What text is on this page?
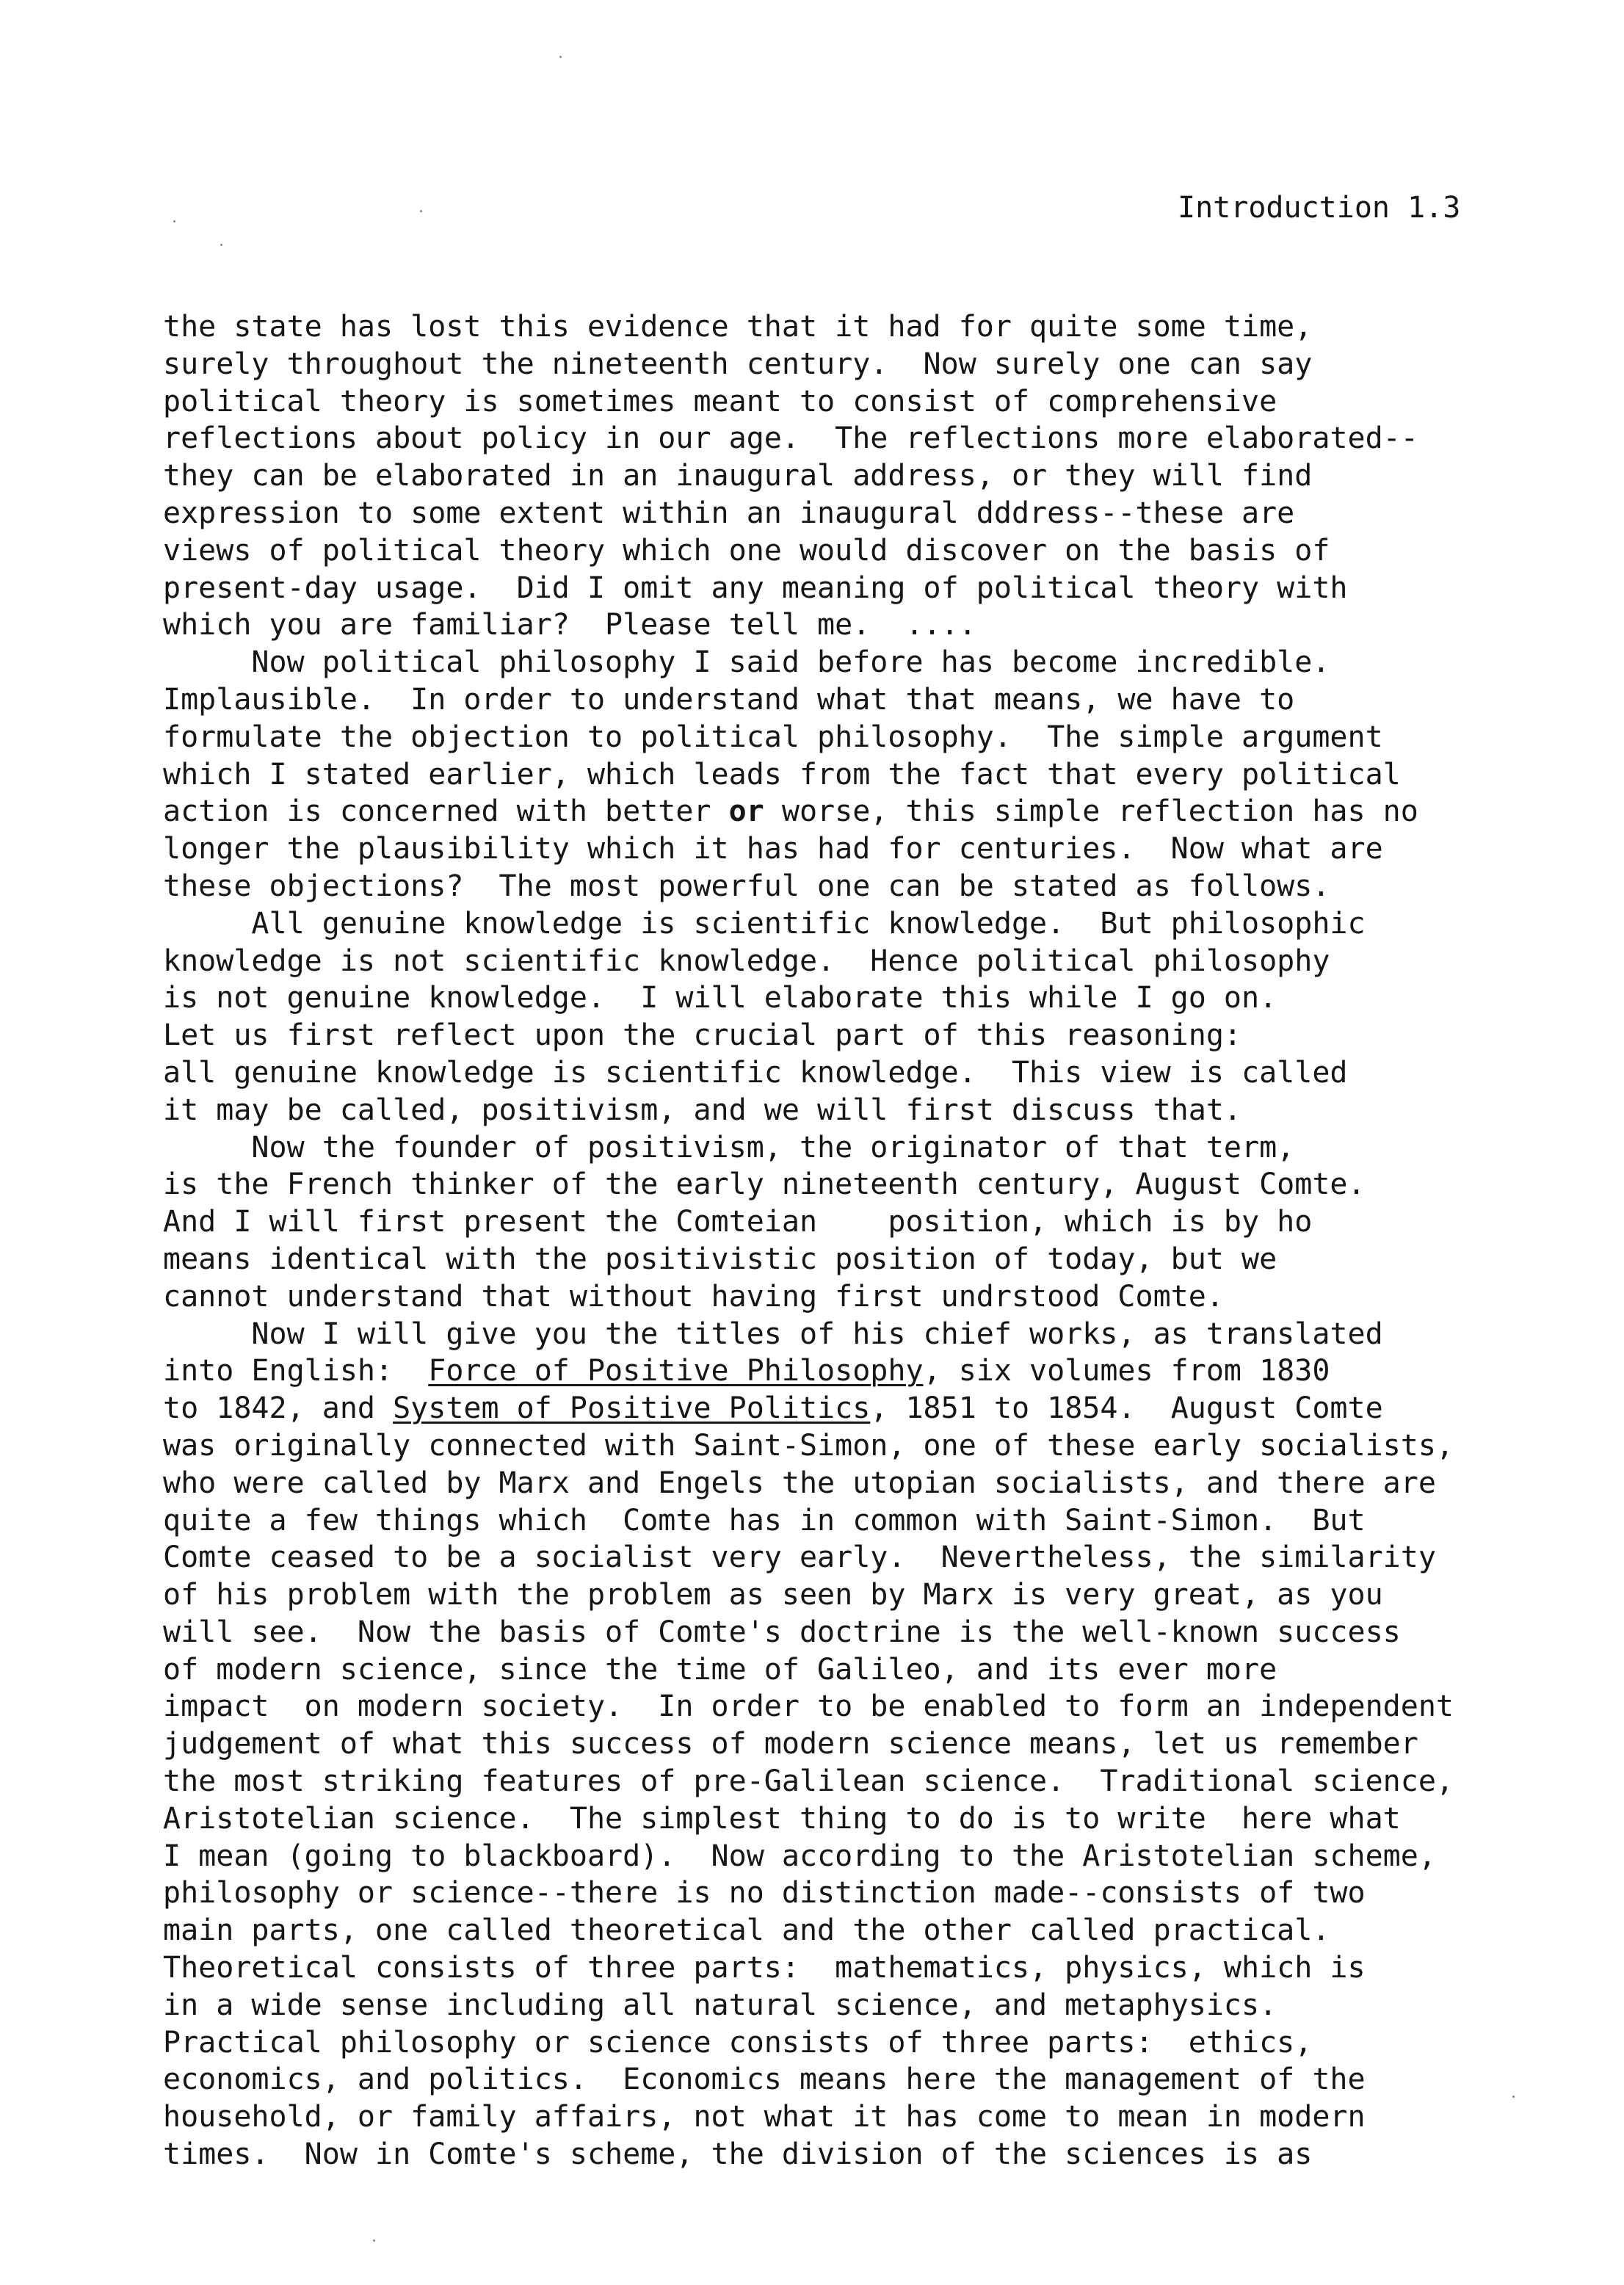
Introduction 1.3
the state has lost this evidence that it had for quite some time,
surely throughout the nineteenth century.  Now surely one can say
political theory is sometimes meant to consist of comprehensive
reflections about policy in our age.  The reflections more elaborated--
they can be elaborated in an inaugural address, or they will find
expression to some extent within an inaugural dddress--these are
views of political theory which one would discover on the basis of
present-day usage.  Did I omit any meaning of political theory with
which you are familiar?  Please tell me.  ....
Now political philosophy I said before has become incredible.
Implausible.  In order to understand what that means, we have to
formulate the objection to political philosophy.  The simple argument
which I stated earlier, which leads from the fact that every political
action is concerned with better or worse, this simple reflection has no
longer the plausibility which it has had for centuries.  Now what are
these objections?  The most powerful one can be stated as follows.
All genuine knowledge is scientific knowledge.  But philosophic
knowledge is not scientific knowledge.  Hence political philosophy
is not genuine knowledge.  I will elaborate this while I go on.
Let us first reflect upon the crucial part of this reasoning:
all genuine knowledge is scientific knowledge.  This view is called
it may be called, positivism, and we will first discuss that.
Now the founder of positivism, the originator of that term,
is the French thinker of the early nineteenth century, August Comte.
And I will first present the Comteian    position, which is by ho
means identical with the positivistic position of today, but we
cannot understand that without having first undrstood Comte.
Now I will give you the titles of his chief works, as translated
into English:  Force of Positive Philosophy, six volumes from 1830
to 1842, and System of Positive Politics, 1851 to 1854.  August Comte
was originally connected with Saint-Simon, one of these early socialists,
who were called by Marx and Engels the utopian socialists, and there are
quite a few things which  Comte has in common with Saint-Simon.  But
Comte ceased to be a socialist very early.  Nevertheless, the similarity
of his problem with the problem as seen by Marx is very great, as you
will see.  Now the basis of Comte's doctrine is the well-known success
of modern science, since the time of Galileo, and its ever more
impact  on modern society.  In order to be enabled to form an independent
judgement of what this success of modern science means, let us remember
the most striking features of pre-Galilean science.  Traditional science,
Aristotelian science.  The simplest thing to do is to write  here what
I mean (going to blackboard).  Now according to the Aristotelian scheme,
philosophy or science--there is no distinction made--consists of two
main parts, one called theoretical and the other called practical.
Theoretical consists of three parts:  mathematics, physics, which is
in a wide sense including all natural science, and metaphysics.
Practical philosophy or science consists of three parts:  ethics,
economics, and politics.  Economics means here the management of the
household, or family affairs, not what it has come to mean in modern
times.  Now in Comte's scheme, the division of the sciences is as
